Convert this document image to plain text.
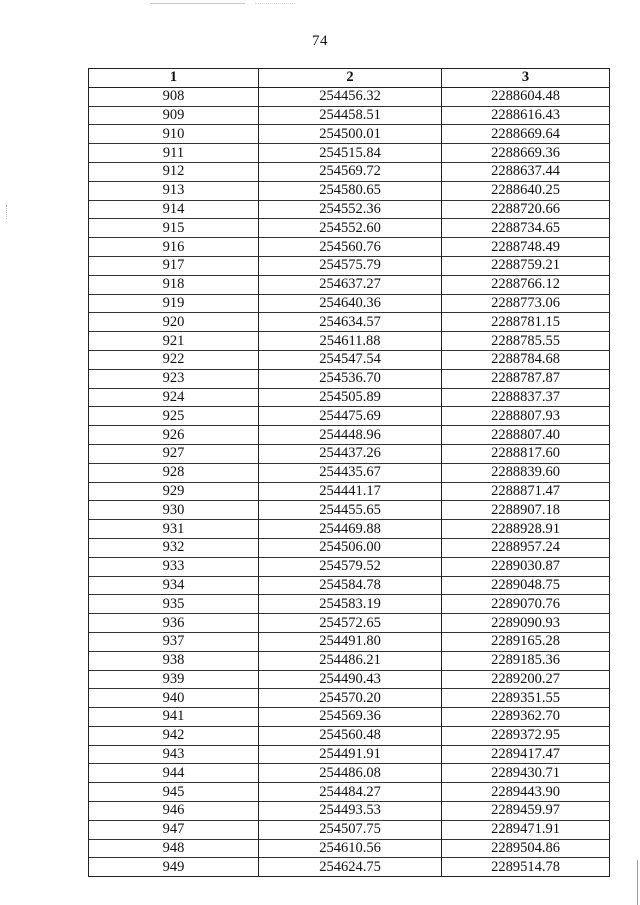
74
1	2	3
908	254456.32	2288604.48
909	254458.51	2288616.43
910	254500.01	2288669.64
911	254515.84	2288669.36
912	254569.72	2288637.44
913	254580.65	2288640.25
914	254552.36	2288720.66
915	254552.60	2288734.65
916	254560.76	2288748.49
917	254575.79	2288759.21
918	254637.27	2288766.12
919	254640.36	2288773.06
920	254634.57	2288781.15
921	254611.88	2288785.55
922	254547.54	2288784.68
923	254536.70	2288787.87
924	254505.89	2288837.37
925	254475.69	2288807.93
926	254448.96	2288807.40
927	254437.26	2288817.60
928	254435.67	2288839.60
929	254441.17	2288871.47
930	254455.65	2288907.18
931	254469.88	2288928.91
932	254506.00	2288957.24
933	254579.52	2289030.87
934	254584.78	2289048.75
935	254583.19	2289070.76
936	254572.65	2289090.93
937	254491.80	2289165.28
938	254486.21	2289185.36
939	254490.43	2289200.27
940	254570.20	2289351.55
941	254569.36	2289362.70
942	254560.48	2289372.95
943	254491.91	2289417.47
944	254486.08	2289430.71
945	254484.27	2289443.90
946	254493.53	2289459.97
947	254507.75	2289471.91
948	254610.56	2289504.86
949	254624.75	2289514.78
